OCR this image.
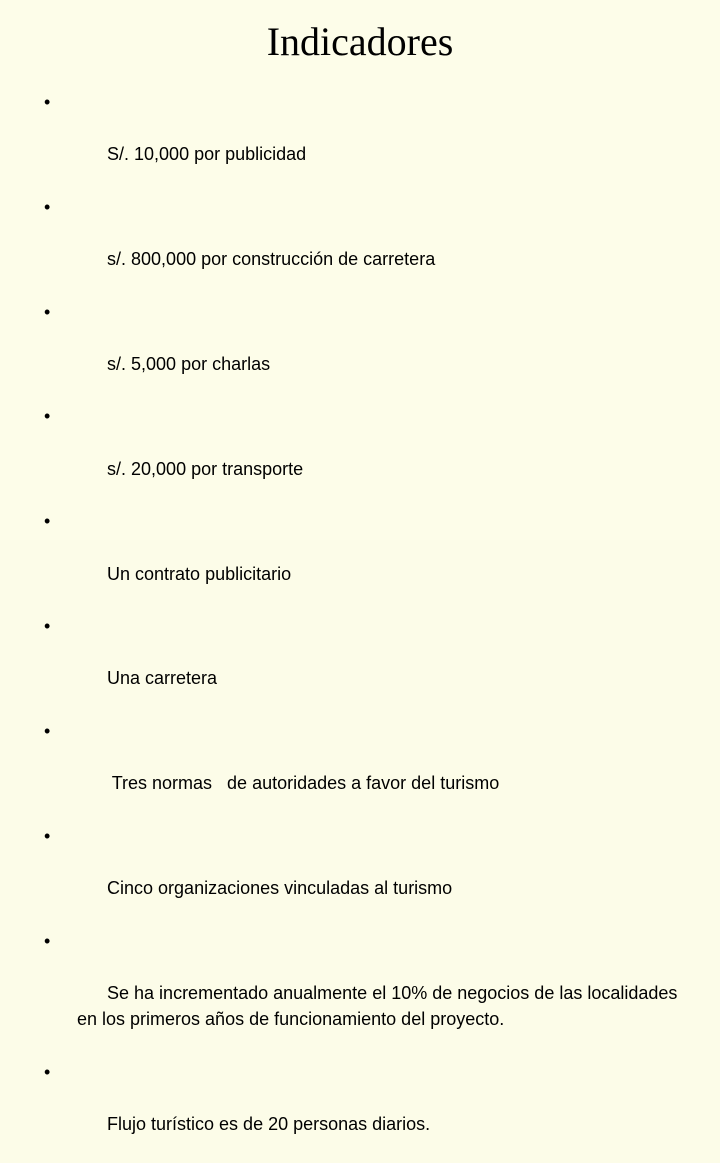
Indicadores

•

S/. 10,000 por publicidad

•

s/. 800,000 por construcción de carretera

•

s/. 5,000 por charlas

•

s/. 20,000 por transporte

•

Un contrato publicitario

•

Una carretera

•

Tres normas   de autoridades a favor del turismo

•

Cinco organizaciones vinculadas al turismo

•

Se ha incrementado anualmente el 10% de negocios de las localidades en los primeros años de funcionamiento del proyecto.

•

Flujo turístico es de 20 personas diarios.
